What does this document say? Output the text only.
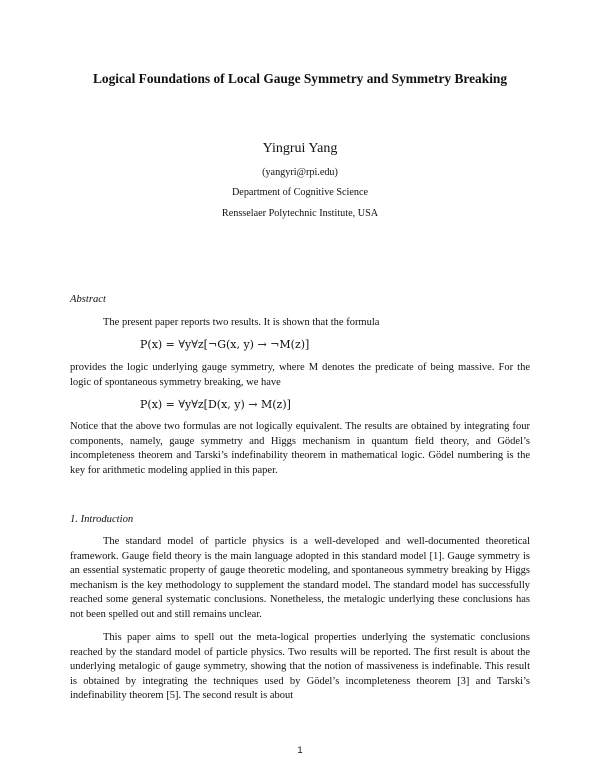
Logical Foundations of Local Gauge Symmetry and Symmetry Breaking
Yingrui Yang
(yangyri@rpi.edu)
Department of Cognitive Science
Rensselaer Polytechnic Institute, USA
Abstract

The present paper reports two results. It is shown that the formula

P(x) = ∀y∀z[¬G(x, y) → ¬M(z)]

provides the logic underlying gauge symmetry, where M denotes the predicate of being massive. For the logic of spontaneous symmetry breaking, we have

P(x) = ∀y∀z[D(x, y) → M(z)]

Notice that the above two formulas are not logically equivalent. The results are obtained by integrating four components, namely, gauge symmetry and Higgs mechanism in quantum field theory, and Gödel’s incompleteness theorem and Tarski’s indefinability theorem in mathematical logic. Gödel numbering is the key for arithmetic modeling applied in this paper.

1. Introduction

The standard model of particle physics is a well-developed and well-documented theoretical framework. Gauge field theory is the main language adopted in this standard model [1]. Gauge symmetry is an essential systematic property of gauge theoretic modeling, and spontaneous symmetry breaking by Higgs mechanism is the key methodology to supplement the standard model. The standard model has successfully reached some general systematic conclusions. Nonetheless, the metalogic underlying these conclusions has not been spelled out and still remains unclear.

This paper aims to spell out the meta-logical properties underlying the systematic conclusions reached by the standard model of particle physics. Two results will be reported. The first result is about the underlying metalogic of gauge symmetry, showing that the notion of massiveness is indefinable. This result is obtained by integrating the techniques used by Gödel’s incompleteness theorem [3] and Tarski’s indefinability theorem [5]. The second result is about

1
